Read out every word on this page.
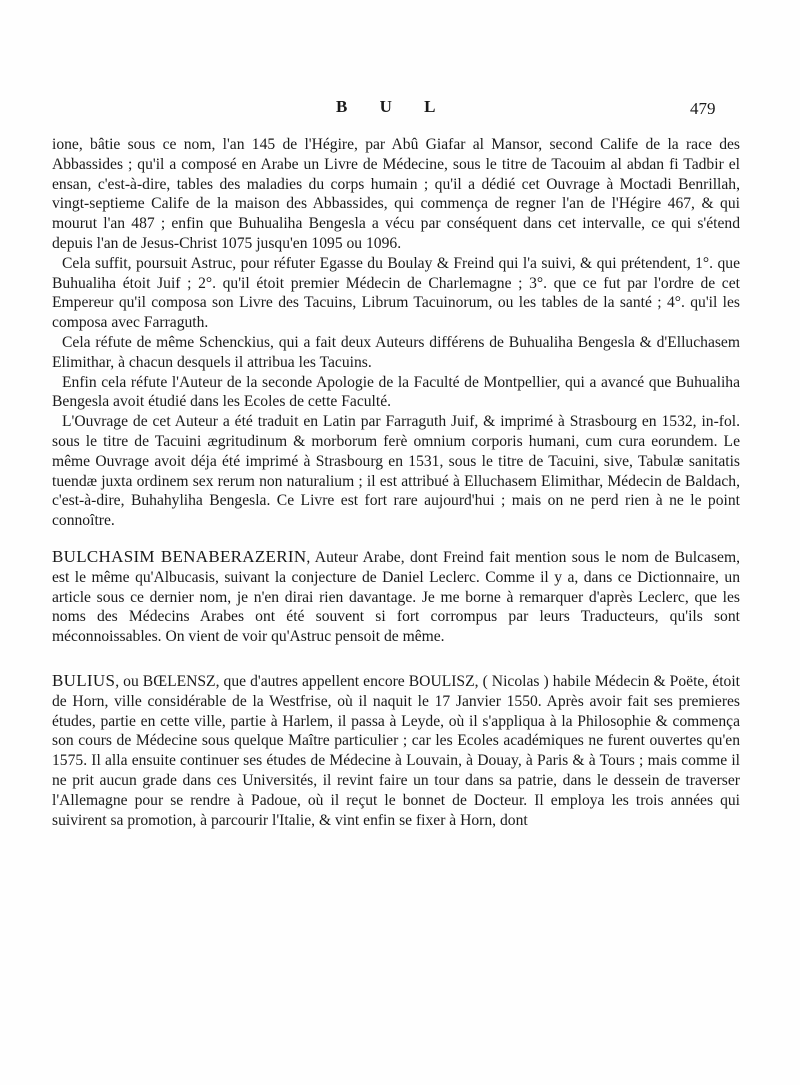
B U L	479

ione, bâtie sous ce nom, l'an 145 de l'Hégire, par Abû Giafar al Mansor, second Calife de la race des Abbassides ; qu'il a composé en Arabe un Livre de Médecine, sous le titre de Tacouim al abdan fi Tadbir el ensan, c'est-à-dire, tables des maladies du corps humain ; qu'il a dédié cet Ouvrage à Moctadi Benrillah, vingt-septieme Calife de la maison des Abbassides, qui commença de regner l'an de l'Hégire 467, & qui mourut l'an 487 ; enfin que Buhualiha Bengesla a vécu par conséquent dans cet intervalle, ce qui s'étend depuis l'an de Jesus-Christ 1075 jusqu'en 1095 ou 1096.

Cela suffit, poursuit Astruc, pour réfuter Egasse du Boulay & Freind qui l'a suivi, & qui prétendent, 1°. que Buhualiha étoit Juif ; 2°. qu'il étoit premier Médecin de Charlemagne ; 3°. que ce fut par l'ordre de cet Empereur qu'il composa son Livre des Tacuins, Librum Tacuinorum, ou les tables de la santé ; 4°. qu'il les composa avec Farraguth.

Cela réfute de même Schenckius, qui a fait deux Auteurs différens de Buhualiha Bengesla & d'Elluchasem Elimithar, à chacun desquels il attribua les Tacuins.

Enfin cela réfute l'Auteur de la seconde Apologie de la Faculté de Montpellier, qui a avancé que Buhualiha Bengesla avoit étudié dans les Ecoles de cette Faculté.

L'Ouvrage de cet Auteur a été traduit en Latin par Farraguth Juif, & imprimé à Strasbourg en 1532, in-fol. sous le titre de Tacuini ægritudinum & morborum ferè omnium corporis humani, cum cura eorundem. Le même Ouvrage avoit déja été imprimé à Strasbourg en 1531, sous le titre de Tacuini, sive, Tabulæ sanitatis tuendæ juxta ordinem sex rerum non naturalium ; il est attribué à Elluchasem Elimithar, Médecin de Baldach, c'est-à-dire, Buhahyliha Bengesla. Ce Livre est fort rare aujourd'hui ; mais on ne perd rien à ne le point connoître.

BULCHASIM BENABERAZERIN, Auteur Arabe, dont Freind fait mention sous le nom de Bulcasem, est le même qu'Albucasis, suivant la conjecture de Daniel Leclerc. Comme il y a, dans ce Dictionnaire, un article sous ce dernier nom, je n'en dirai rien davantage. Je me borne à remarquer d'après Leclerc, que les noms des Médecins Arabes ont été souvent si fort corrompus par leurs Traducteurs, qu'ils sont méconnoissables. On vient de voir qu'Astruc pensoit de même.

BULIUS, ou BŒLENSZ, que d'autres appellent encore BOULISZ, ( Nicolas ) habile Médecin & Poëte, étoit de Horn, ville considérable de la Westfrise, où il naquit le 17 Janvier 1550. Après avoir fait ses premieres études, partie en cette ville, partie à Harlem, il passa à Leyde, où il s'appliqua à la Philosophie & commença son cours de Médecine sous quelque Maître particulier ; car les Ecoles académiques ne furent ouvertes qu'en 1575. Il alla ensuite continuer ses études de Médecine à Louvain, à Douay, à Paris & à Tours ; mais comme il ne prit aucun grade dans ces Universités, il revint faire un tour dans sa patrie, dans le dessein de traverser l'Allemagne pour se rendre à Padoue, où il reçut le bonnet de Docteur. Il employa les trois années qui suivirent sa promotion, à parcourir l'Italie, & vint enfin se fixer à Horn, dont
